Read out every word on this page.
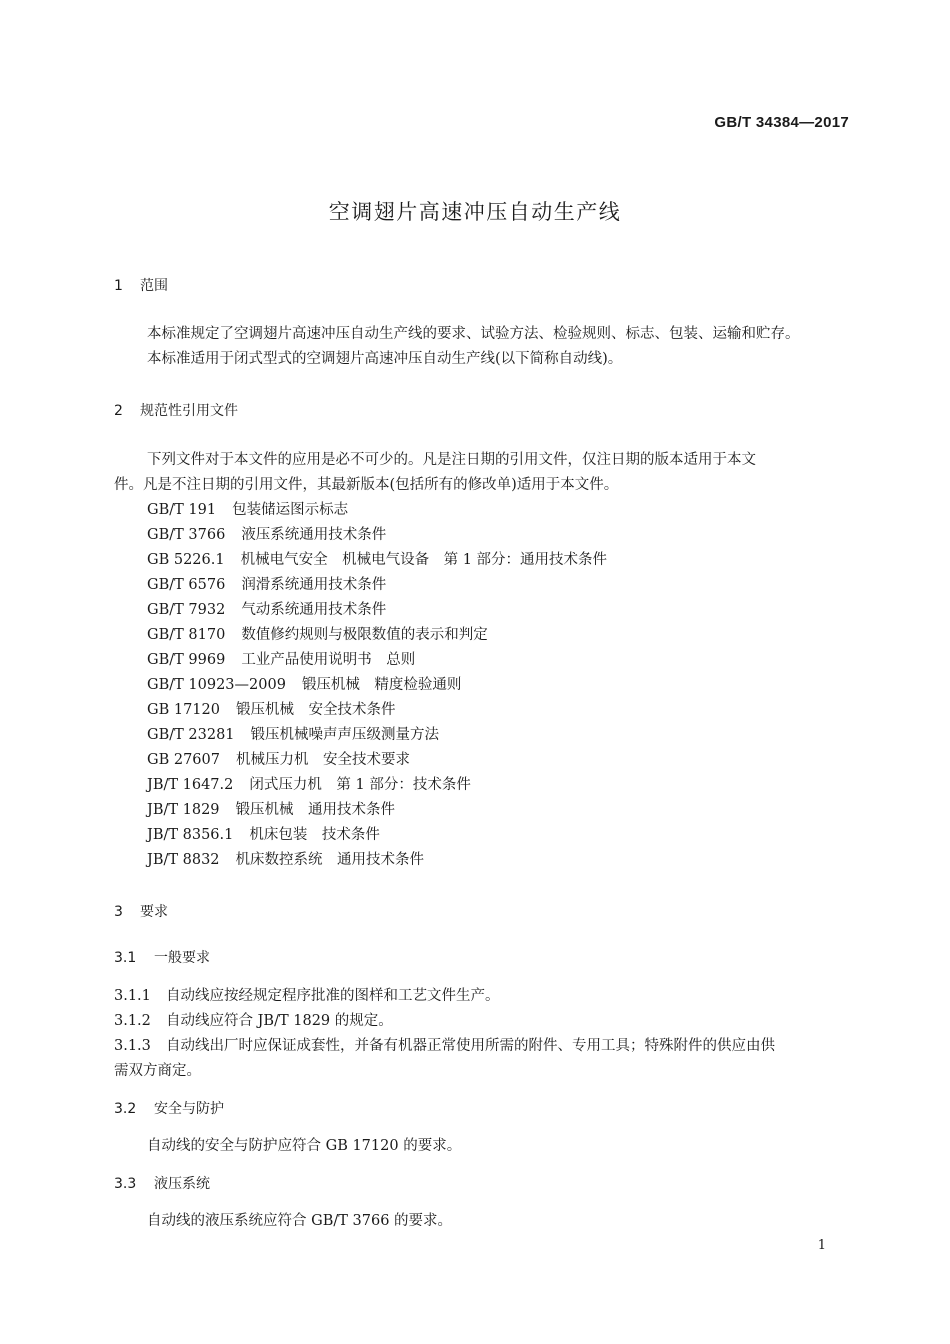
GB/T 34384—2017
空调翅片高速冲压自动生产线
1 范围
本标准规定了空调翅片高速冲压自动生产线的要求、试验方法、检验规则、标志、包装、运输和贮存。
本标准适用于闭式型式的空调翅片高速冲压自动生产线(以下简称自动线)。
2 规范性引用文件
下列文件对于本文件的应用是必不可少的。凡是注日期的引用文件，仅注日期的版本适用于本文
件。凡是不注日期的引用文件，其最新版本(包括所有的修改单)适用于本文件。
GB/T 191 包装储运图示标志
GB/T 3766 液压系统通用技术条件
GB 5226.1 机械电气安全　机械电气设备　第 1 部分：通用技术条件
GB/T 6576 润滑系统通用技术条件
GB/T 7932 气动系统通用技术条件
GB/T 8170 数值修约规则与极限数值的表示和判定
GB/T 9969 工业产品使用说明书　总则
GB/T 10923—2009 锻压机械　精度检验通则
GB 17120 锻压机械　安全技术条件
GB/T 23281 锻压机械噪声声压级测量方法
GB 27607 机械压力机　安全技术要求
JB/T 1647.2 闭式压力机　第 1 部分：技术条件
JB/T 1829 锻压机械　通用技术条件
JB/T 8356.1 机床包装　技术条件
JB/T 8832 机床数控系统　通用技术条件
3 要求
3.1 一般要求
3.1.1 自动线应按经规定程序批准的图样和工艺文件生产。
3.1.2 自动线应符合 JB/T 1829 的规定。
3.1.3 自动线出厂时应保证成套性，并备有机器正常使用所需的附件、专用工具；特殊附件的供应由供
需双方商定。
3.2 安全与防护
自动线的安全与防护应符合 GB 17120 的要求。
3.3 液压系统
自动线的液压系统应符合 GB/T 3766 的要求。
1
